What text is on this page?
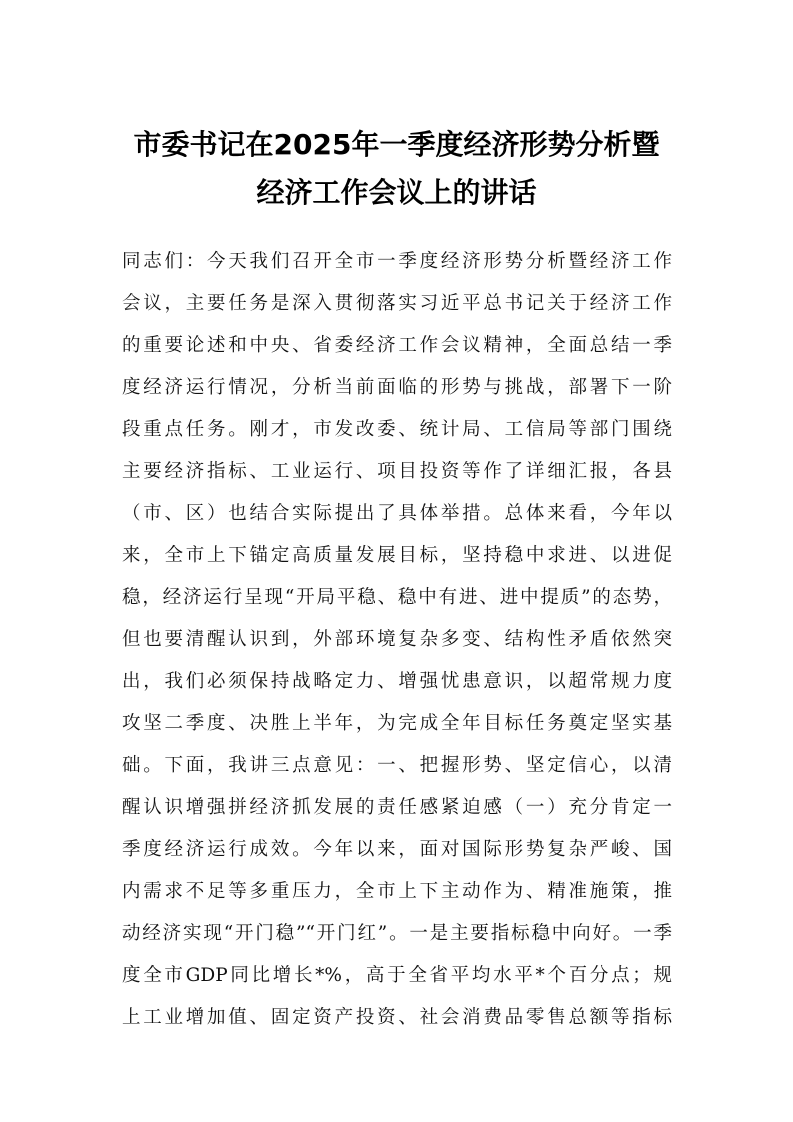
市委书记在2025年一季度经济形势分析暨
经济工作会议上的讲话
同志们：今天我们召开全市一季度经济形势分析暨经济工作
会议，主要任务是深入贯彻落实习近平总书记关于经济工作
的重要论述和中央、省委经济工作会议精神，全面总结一季
度经济运行情况，分析当前面临的形势与挑战，部署下一阶
段重点任务。刚才，市发改委、统计局、工信局等部门围绕
主要经济指标、工业运行、项目投资等作了详细汇报，各县
（市、区）也结合实际提出了具体举措。总体来看，今年以
来，全市上下锚定高质量发展目标，坚持稳中求进、以进促
稳，经济运行呈现“开局平稳、稳中有进、进中提质”的态势，
但也要清醒认识到，外部环境复杂多变、结构性矛盾依然突
出，我们必须保持战略定力、增强忧患意识，以超常规力度
攻坚二季度、决胜上半年，为完成全年目标任务奠定坚实基
础。下面，我讲三点意见：一、把握形势、坚定信心，以清
醒认识增强拼经济抓发展的责任感紧迫感（一）充分肯定一
季度经济运行成效。今年以来，面对国际形势复杂严峻、国
内需求不足等多重压力，全市上下主动作为、精准施策，推
动经济实现“开门稳”“开门红”。一是主要指标稳中向好。一季
度全市GDP同比增长*%，高于全省平均水平*个百分点；规
上工业增加值、固定资产投资、社会消费品零售总额等指标
